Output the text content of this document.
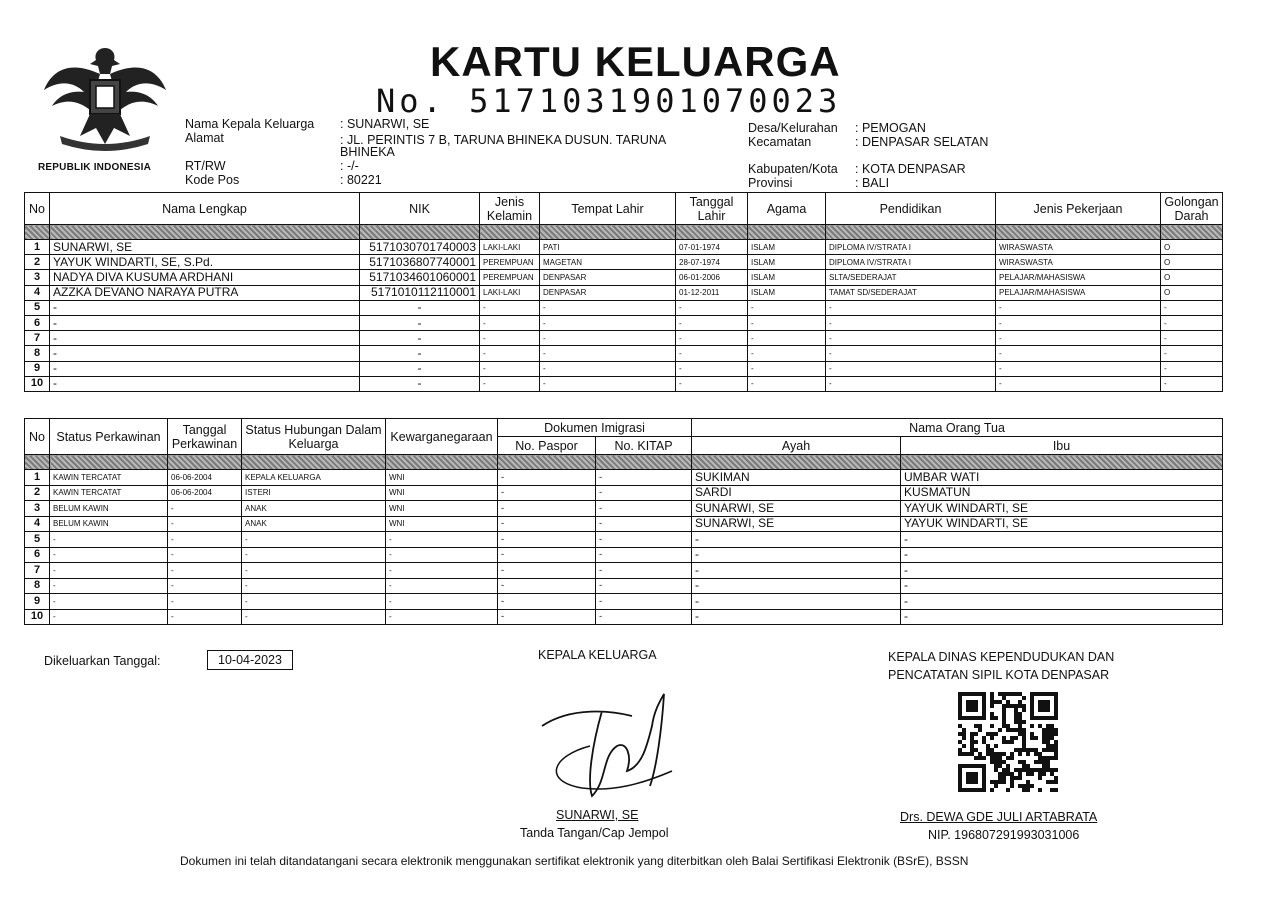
REPUBLIK INDONESIA
KARTU KELUARGA
No. 5171031901070023
Nama Kepala Keluarga : SUNARWI, SE
Alamat	: JL. PERINTIS 7 B, TARUNA BHINEKA DUSUN. TARUNA
BHINEKA
RT/RW	: -/-
Kode Pos	: 80221
Desa/Kelurahan : PEMOGAN
Kecamatan	: DENPASAR SELATAN
Kabupaten/Kota : KOTA DENPASAR
Provinsi	: BALI
No	Nama Lengkap	NIK	Jenis Kelamin	Tempat Lahir	Tanggal Lahir	Agama	Pendidikan	Jenis Pekerjaan	Golongan Darah

1	SUNARWI, SE	5171030701740003	LAKI-LAKI	PATI	07-01-1974	ISLAM	DIPLOMA IV/STRATA I	WIRASWASTA	O
2	YAYUK WINDARTI, SE, S.Pd.	5171036807740001	PEREMPUAN	MAGETAN	28-07-1974	ISLAM	DIPLOMA IV/STRATA I	WIRASWASTA	O
3	NADYA DIVA KUSUMA ARDHANI	5171034601060001	PEREMPUAN	DENPASAR	06-01-2006	ISLAM	SLTA/SEDERAJAT	PELAJAR/MAHASISWA	O
4	AZZKA DEVANO NARAYA PUTRA	5171010112110001	LAKI-LAKI	DENPASAR	01-12-2011	ISLAM	TAMAT SD/SEDERAJAT	PELAJAR/MAHASISWA	O
5	-	-	-	-	-	-	-	-	-
6	-	-	-	-	-	-	-	-	-
7	-	-	-	-	-	-	-	-	-
8	-	-	-	-	-	-	-	-	-
9	-	-	-	-	-	-	-	-	-
10	-	-	-	-	-	-	-	-	-
No	Status Perkawinan	Tanggal Perkawinan	Status Hubungan Dalam Keluarga	Kewarganegaraan	Dokumen Imigrasi		Nama Orang Tua	
					No. Paspor	No. KITAP	Ayah	Ibu

1	KAWIN TERCATAT	06-06-2004	KEPALA KELUARGA	WNI	-	-	SUKIMAN	UMBAR WATI
2	KAWIN TERCATAT	06-06-2004	ISTERI	WNI	-	-	SARDI	KUSMATUN
3	BELUM KAWIN	-	ANAK	WNI	-	-	SUNARWI, SE	YAYUK WINDARTI, SE
4	BELUM KAWIN	-	ANAK	WNI	-	-	SUNARWI, SE	YAYUK WINDARTI, SE
5	-	-	-	-	-	-	-	-
6	-	-	-	-	-	-	-	-
7	-	-	-	-	-	-	-	-
8	-	-	-	-	-	-	-	-
9	-	-	-	-	-	-	-	-
10	-	-	-	-	-	-	-	-
Dikeluarkan Tanggal:	10-04-2023	KEPALA KELUARGA
SUNARWI, SE
Tanda Tangan/Cap Jempol
KEPALA DINAS KEPENDUDUKAN DAN
PENCATATAN SIPIL KOTA DENPASAR
Drs. DEWA GDE JULI ARTABRATA
NIP. 196807291993031006
Dokumen ini telah ditandatangani secara elektronik menggunakan sertifikat elektronik yang diterbitkan oleh Balai Sertifikasi Elektronik (BSrE), BSSN
